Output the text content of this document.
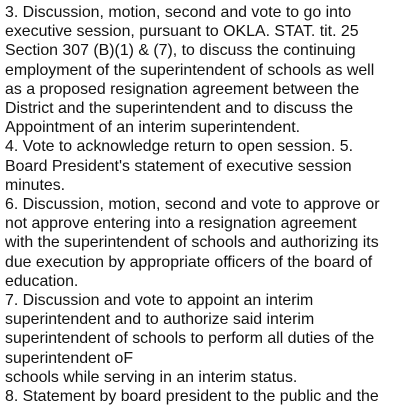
3. Discussion, motion, second and vote to go into
executive session, pursuant to OKLA. STAT. tit. 25
Section 307 (B)(1) & (7), to discuss the continuing
employment of the superintendent of schools as well
as a proposed resignation agreement between the
District and the superintendent and to discuss the
Appointment of an interim superintendent.
4. Vote to acknowledge return to open session. 5.
Board President's statement of executive session
minutes.
6. Discussion, motion, second and vote to approve or
not approve entering into a resignation agreement
with the superintendent of schools and authorizing its
due execution by appropriate officers of the board of
education.
7. Discussion and vote to appoint an interim
superintendent and to authorize said interim
superintendent of schools to perform all duties of the
superintendent oF
schools while serving in an interim status.
8. Statement by board president to the public and the
